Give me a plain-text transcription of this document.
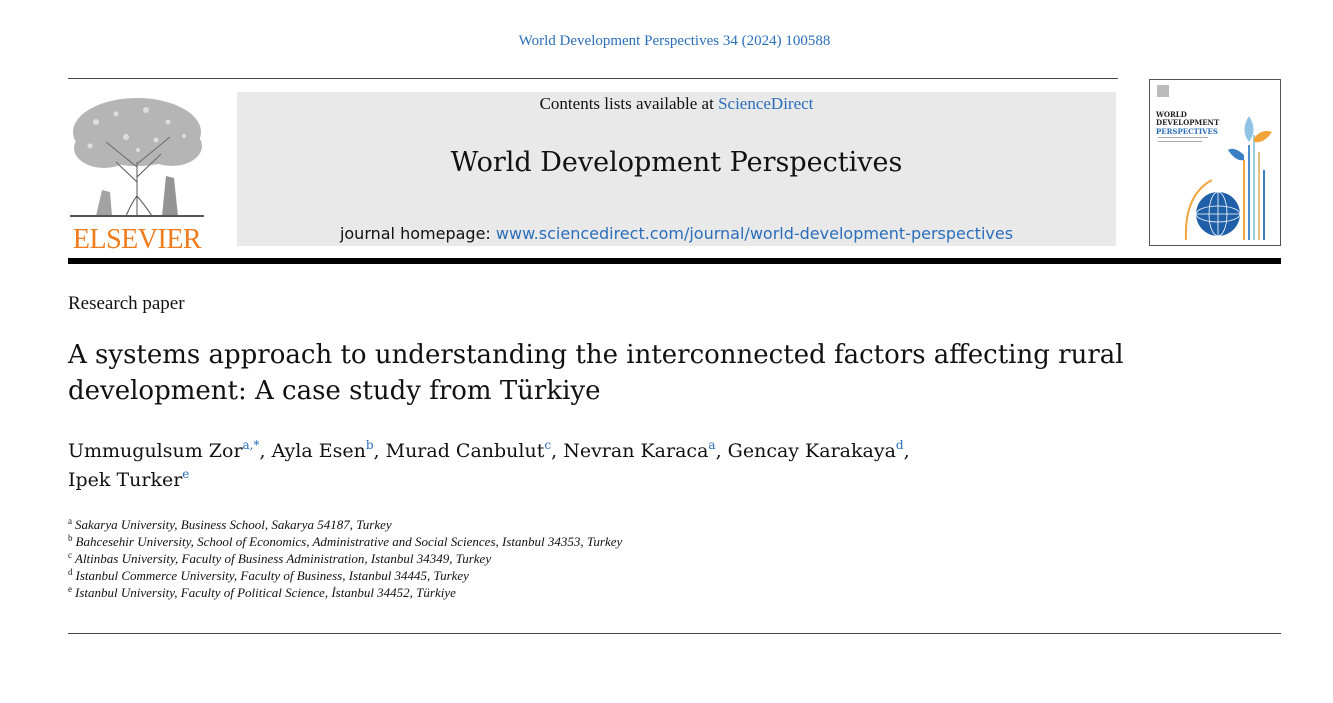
World Development Perspectives 34 (2024) 100588
ELSEVIER
Contents lists available at ScienceDirect
World Development Perspectives
journal homepage: www.sciencedirect.com/journal/world-development-perspectives
WORLD
DEVELOPMENT
PERSPECTIVES
Research paper
A systems approach to understanding the interconnected factors affecting rural development: A case study from Türkiye
Ummugulsum Zor$^{a,*}$, Ayla Esen$^b$, Murad Canbulut$^c$, Nevran Karaca$^a$, Gencay Karakaya$^d$,
Ipek Turker$^e$
$^a$ Sakarya University, Business School, Sakarya 54187, Turkey
$^b$ Bahcesehir University, School of Economics, Administrative and Social Sciences, Istanbul 34353, Turkey
$^c$ Altinbas University, Faculty of Business Administration, Istanbul 34349, Turkey
$^d$ Istanbul Commerce University, Faculty of Business, Istanbul 34445, Turkey
$^e$ Istanbul University, Faculty of Political Science, İstanbul 34452, Türkiye
